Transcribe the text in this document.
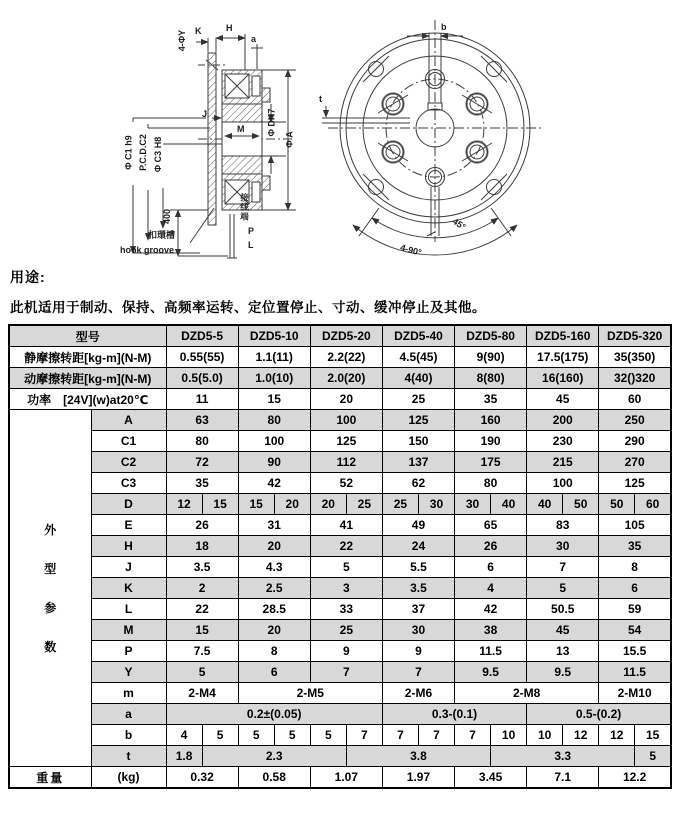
K	H
a
4-ΦY
Φ C1 h9 P.C.D.C2 Φ C3 H8
J
M Φ DH7
Φ A
400	接线端
扣環槽
hook groove
P
L
b
t
45°
4-90°
用途:
此机适用于制动、保持、高频率运转、定位置停止、寸动、缓冲停止及其他。
型号		DZD5-5		DZD5-10		DZD5-20		DZD5-40		DZD5-80		DZD5-160		DZD5-320	
静摩擦转距[kg-m](N-M)		0.55(55)		1.1(11)		2.2(22)		4.5(45)		9(90)		17.5(175)		35(350)	
动摩擦转距[kg-m](N-M)		0.5(5.0)		1.0(10)		2.0(20)		4(40)		8(80)		16(160)		32()320	
功率　[24V](w)at20℃		11		15		20		25		35		45		60	

外
型
参
数	A	63		80		100		125		160		200		250	
	C1	80		100		125		150		190		230		290	
	C2	72		90		112		137		175		215		270	
	C3	35		42		52		62		80		100		125	
	D	12	15	15	20	20	25	25	30	30	40	40	50	50	60
	E	26		31		41		49		65		83		105	
	H	18		20		22		24		26		30		35	
	J	3.5		4.3		5		5.5		6		7		8	
	K	2		2.5		3		3.5		4		5		6	
	L	22		28.5		33		37		42		50.5		59	
	M	15		20		25		30		38		45		54	
	P	7.5		8		9		9		11.5		13		15.5	
	Y	5		6		7		7		9.5		9.5		11.5	
	m	2-M4		2-M5				2-M6		2-M8				2-M10	
	a	0.2±(0.05)						0.3-(0.1)				0.5-(0.2)			
	b	4	5	5	5	5	7	7	7	7	10	10	12	12	15
	t	1.8	2.3				3.8				3.3				5
重量	(kg)	0.32		0.58		1.07		1.97		3.45		7.1		12.2	
